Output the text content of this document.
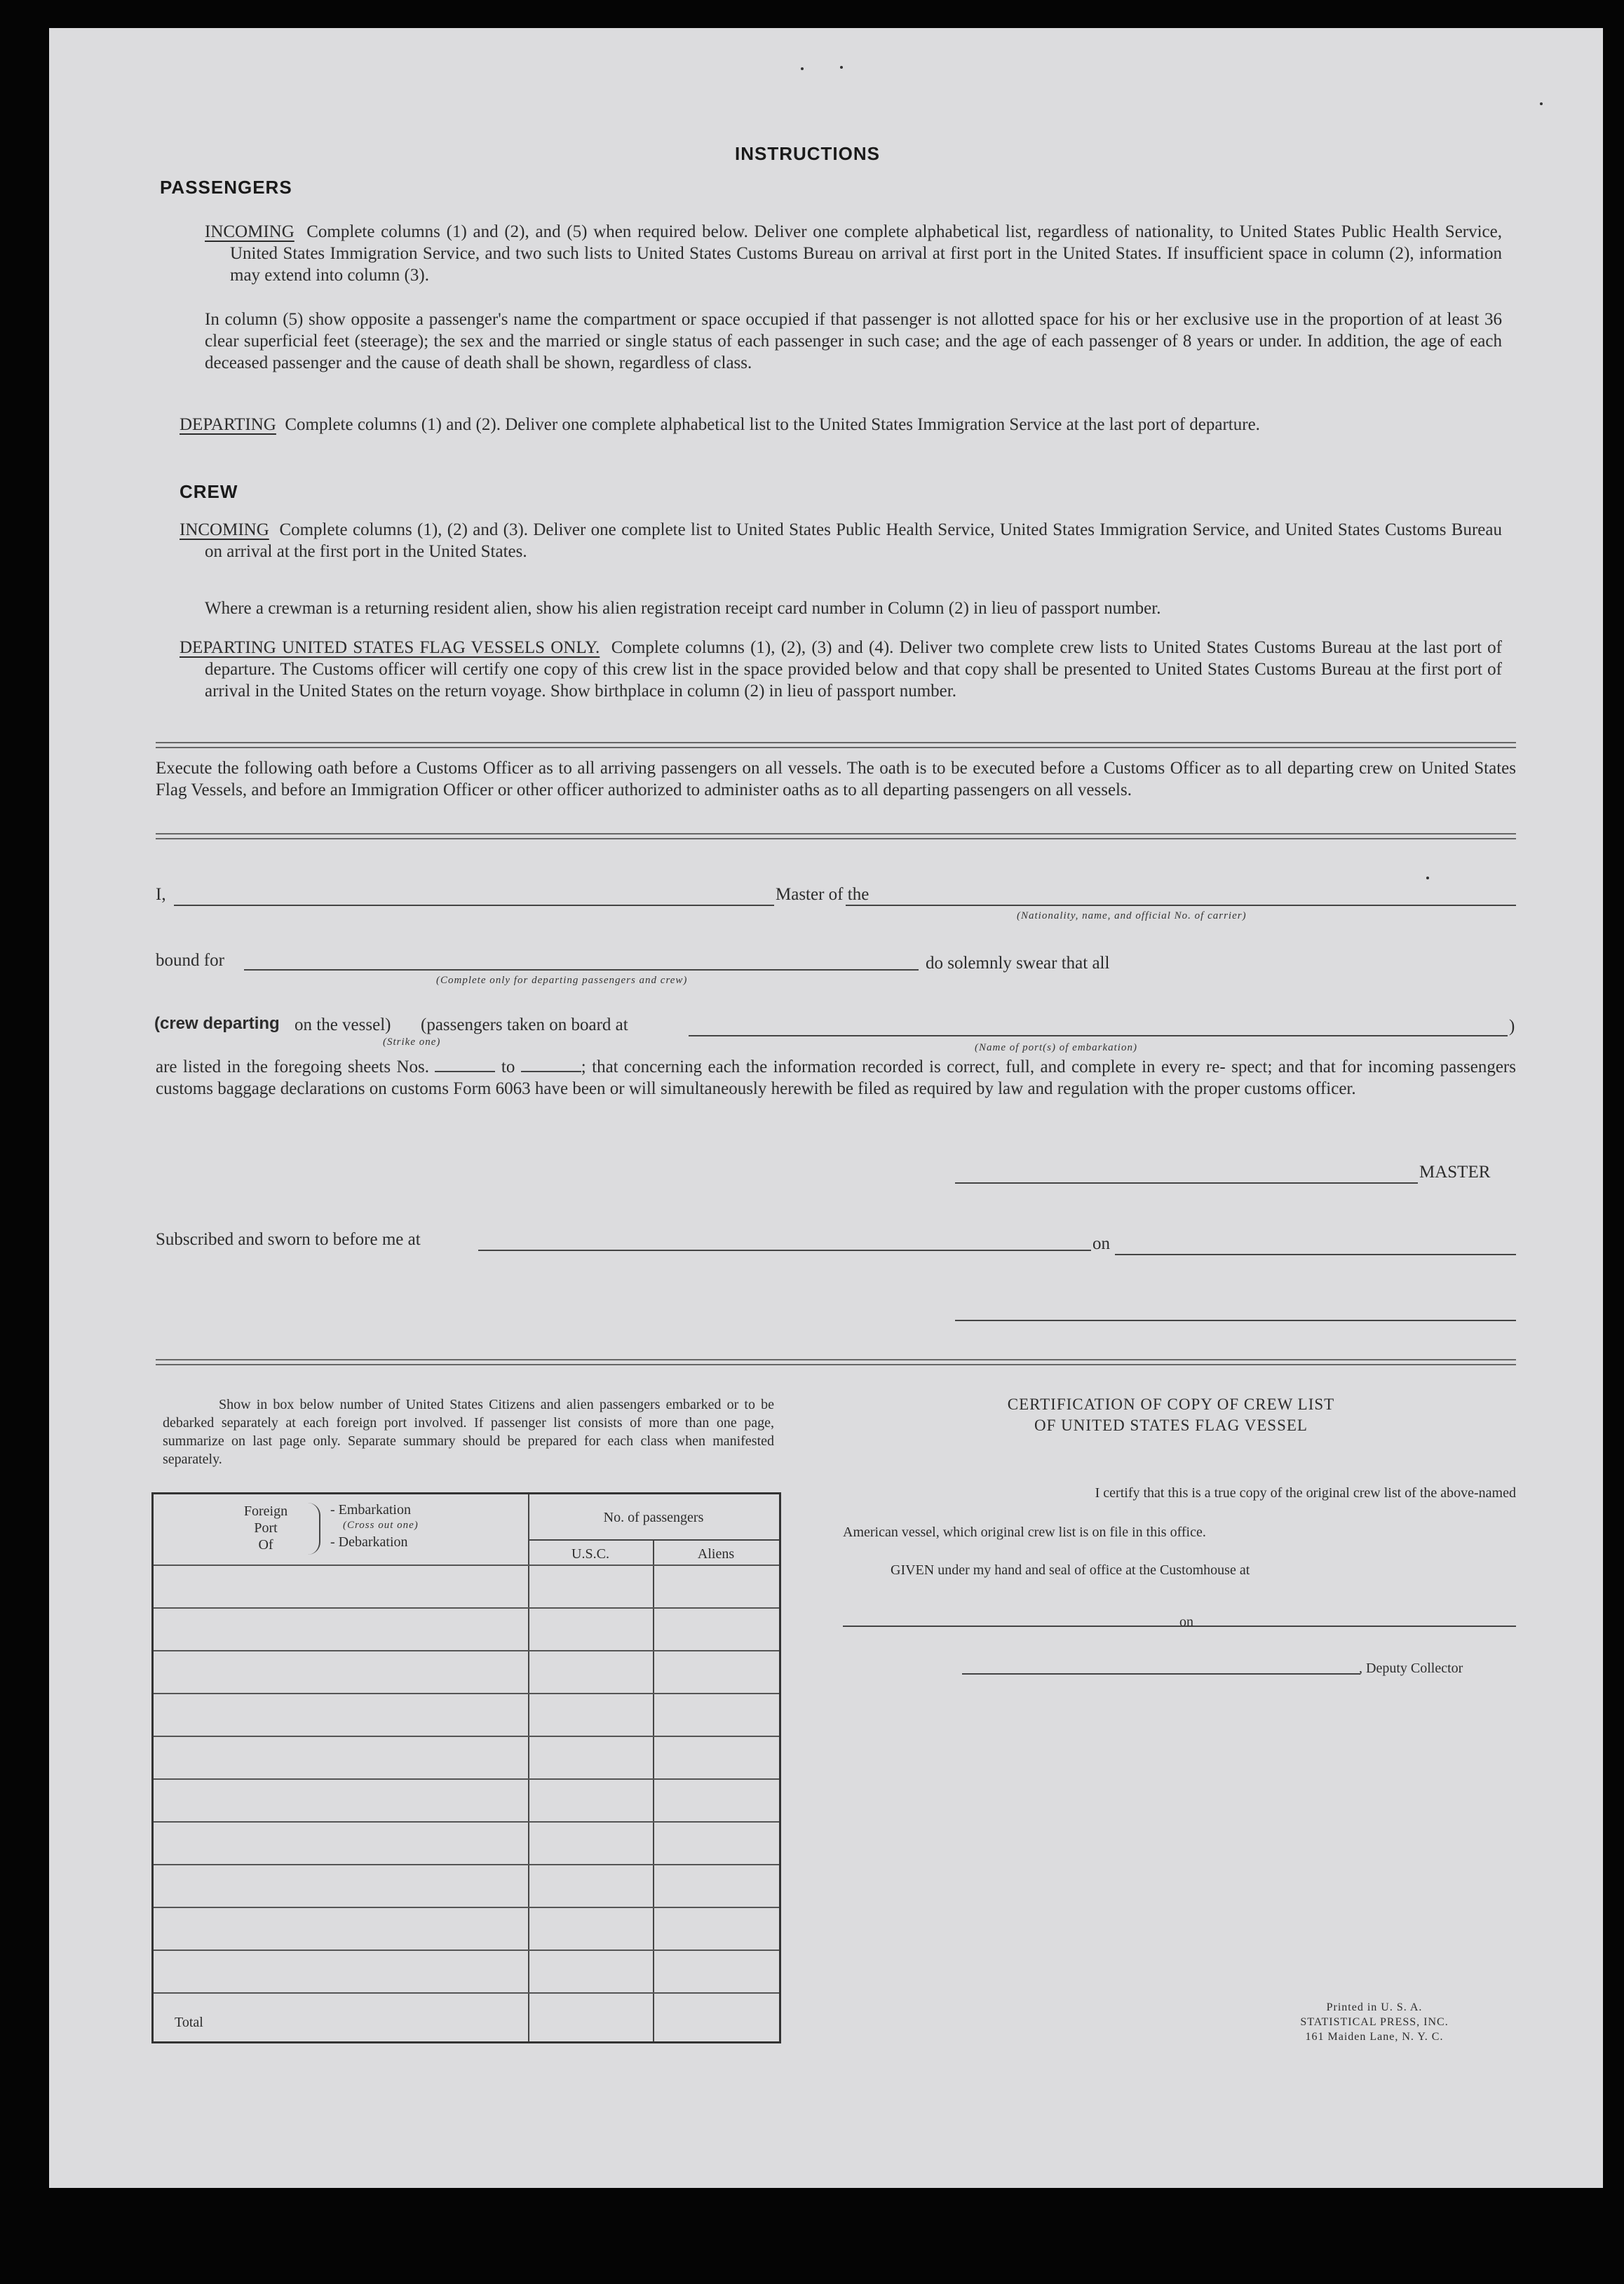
INSTRUCTIONS
PASSENGERS

INCOMING Complete columns (1) and (2), and (5) when required below. Deliver one complete alphabetical list, regardless of nationality, to United States Public Health Service, United States Immigration Service, and two such lists to United States Customs Bureau on arrival at first port in the United States. If insufficient space in column (2), information may extend into column (3).

In column (5) show opposite a passenger's name the compartment or space occupied if that passenger is not allotted space for his or her exclusive use in the proportion of at least 36 clear superficial feet (steerage); the sex and the married or single status of each passenger in such case; and the age of each passenger of 8 years or under. In addition, the age of each deceased passenger and the cause of death shall be shown, regardless of class.

DEPARTING Complete columns (1) and (2). Deliver one complete alphabetical list to the United States Immigration Service at the last port of departure.

CREW

INCOMING Complete columns (1), (2) and (3). Deliver one complete list to United States Public Health Service, United States Immigration Service, and United States Customs Bureau on arrival at the first port in the United States.

Where a crewman is a returning resident alien, show his alien registration receipt card number in Column (2) in lieu of passport number.

DEPARTING UNITED STATES FLAG VESSELS ONLY. Complete columns (1), (2), (3) and (4). Deliver two complete crew lists to United States Customs Bureau at the last port of departure. The Customs officer will certify one copy of this crew list in the space provided below and that copy shall be presented to United States Customs Bureau at the first port of arrival in the United States on the return voyage. Show birthplace in column (2) in lieu of passport number.

Execute the following oath before a Customs Officer as to all arriving passengers on all vessels. The oath is to be executed before a Customs Officer as to all departing crew on United States Flag Vessels, and before an Immigration Officer or other officer authorized to administer oaths as to all departing passengers on all vessels.

I,	Master of the
(Nationality, name, and official No. of carrier)
bound for
(Complete only for departing passengers and crew)
do solemnly swear that all
(crew departing on the vessel) (passengers taken on board at	)
(Strike one)	(Name of port(s) of embarkation)

are listed in the foregoing sheets Nos.	to	; that concerning each the information recorded is correct, full, and complete in every re- spect; and that for incoming passengers customs baggage declarations on customs Form 6063 have been or will simultaneously herewith be filed as required by law and regulation with the proper customs officer.

MASTER
Subscribed and sworn to before me at	on

Show in box below number of United States Citizens and alien passengers embarked or to be debarked separately at each foreign port involved. If passenger list consists of more than one page, summarize on last page only. Separate summary should be prepared for each class when manifested separately.

Foreign
Port
Of
- Embarkation
(Cross out one)
- Debarkation
No. of passengers
U.S.C.	Aliens
Total
CERTIFICATION OF COPY OF CREW LIST
OF UNITED STATES FLAG VESSEL
I certify that this is a true copy of the original crew list of the above-named
American vessel, which original crew list is on file in this office.
GIVEN under my hand and seal of office at the Customhouse at
on
, Deputy Collector
Printed in U. S. A.
STATISTICAL PRESS, INC.
161 Maiden Lane, N. Y. C.
